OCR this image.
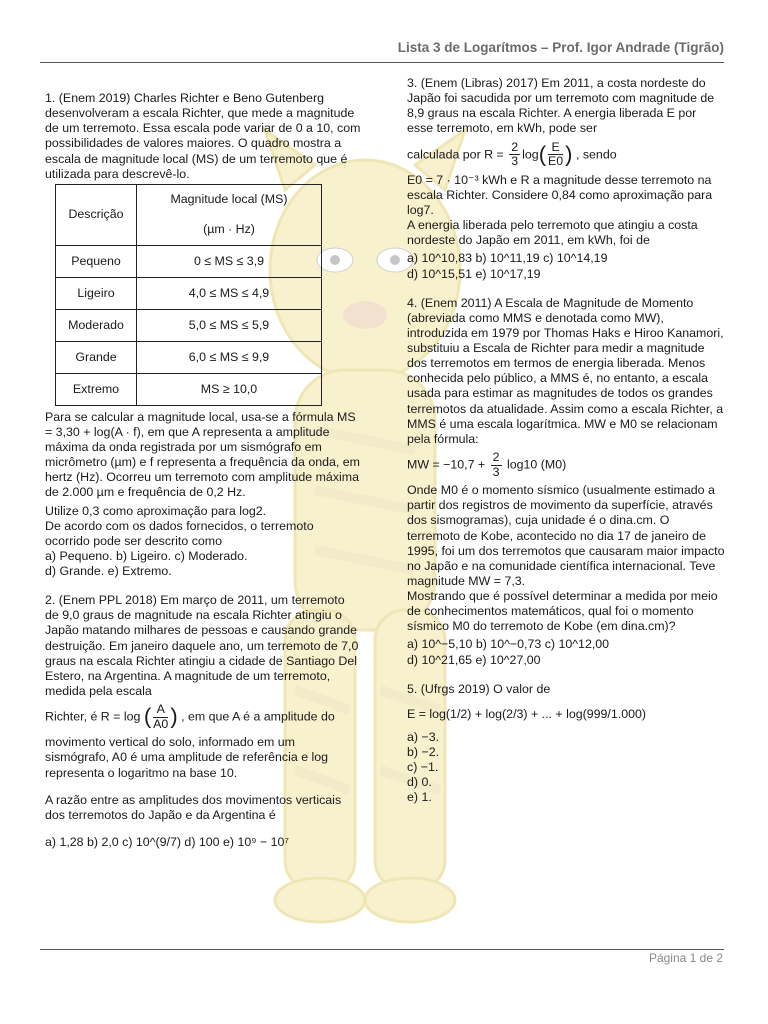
Lista 3 de Logarítmos – Prof. Igor Andrade (Tigrão)

1. (Enem 2019) Charles Richter e Beno Gutenberg desenvolveram a escala Richter, que mede a magnitude de um terremoto. Essa escala pode variar de 0 a 10, com possibilidades de valores maiores. O quadro mostra a escala de magnitude local (MS) de um terremoto que é utilizada para descrevê-lo.

Descrição	Magnitude local (MS)

(µm · Hz)
Pequeno	0 ≤ MS ≤ 3,9
Ligeiro	4,0 ≤ MS ≤ 4,9
Moderado	5,0 ≤ MS ≤ 5,9
Grande	6,0 ≤ MS ≤ 9,9
Extremo	MS ≥ 10,0

Para se calcular a magnitude local, usa-se a fórmula MS = 3,30 + log(A · f), em que A representa a amplitude máxima da onda registrada por um sismógrafo em micrômetro (µm) e f representa a frequência da onda, em hertz (Hz). Ocorreu um terremoto com amplitude máxima de 2.000 µm e frequência de 0,2 Hz.

Utilize 0,3 como aproximação para log2.

De acordo com os dados fornecidos, o terremoto ocorrido pode ser descrito como

a) Pequeno. b) Ligeiro. c) Moderado.

d) Grande. e) Extremo.

2. (Enem PPL 2018) Em março de 2011, um terremoto de 9,0 graus de magnitude na escala Richter atingiu o Japão matando milhares de pessoas e causando grande destruição. Em janeiro daquele ano, um terremoto de 7,0 graus na escala Richter atingiu a cidade de Santiago Del Estero, na Argentina. A magnitude de um terremoto, medida pela escala

Richter, é R = log ( $\frac{A}{A0}$ ) , em que A é a amplitude do

movimento vertical do solo, informado em um sismógrafo, A0 é uma amplitude de referência e log representa o logaritmo na base 10.

A razão entre as amplitudes dos movimentos verticais dos terremotos do Japão e da Argentina é

a) 1,28 b) 2,0 c) 10^(9/7) d) 100 e) 10⁹ − 10⁷

3. (Enem (Libras) 2017) Em 2011, a costa nordeste do Japão foi sacudida por um terremoto com magnitude de 8,9 graus na escala Richter. A energia liberada E por esse terremoto, em kWh, pode ser

calculada por $R = \frac{2}{3} \log( \frac{E}{E0}$ ) , sendo

E0 = 7 · 10⁻³ kWh e R a magnitude desse terremoto na escala Richter. Considere 0,84 como aproximação para log7.

A energia liberada pelo terremoto que atingiu a costa nordeste do Japão em 2011, em kWh, foi de

a) 10^10,83 b) 10^11,19 c) 10^14,19

d) 10^15,51 e) 10^17,19

4. (Enem 2011) A Escala de Magnitude de Momento (abreviada como MMS e denotada como MW), introduzida em 1979 por Thomas Haks e Hiroo Kanamori, substituiu a Escala de Richter para medir a magnitude dos terremotos em termos de energia liberada. Menos conhecida pelo público, a MMS é, no entanto, a escala usada para estimar as magnitudes de todos os grandes terremotos da atualidade. Assim como a escala Richter, a MMS é uma escala logarítmica. MW e M0 se relacionam pela fórmula:

MW = $-10,7 + \frac{2}{3} \log 10$ (M0)

Onde M0 é o momento sísmico (usualmente estimado a partir dos registros de movimento da superfície, através dos sismogramas), cuja unidade é o dina.cm. O terremoto de Kobe, acontecido no dia 17 de janeiro de 1995, foi um dos terremotos que causaram maior impacto no Japão e na comunidade científica internacional. Teve magnitude MW = 7,3.

Mostrando que é possível determinar a medida por meio de conhecimentos matemáticos, qual foi o momento sísmico M0 do terremoto de Kobe (em dina.cm)?

a) 10^−5,10 b) 10^−0,73 c) 10^12,00

d) 10^21,65 e) 10^27,00

5. (Ufrgs 2019) O valor de

E = log(1/2) + log(2/3) + ... + log(999/1.000)

a) −3.

b) −2.

c) −1.

d) 0.

e) 1.

Página 1 de 2
